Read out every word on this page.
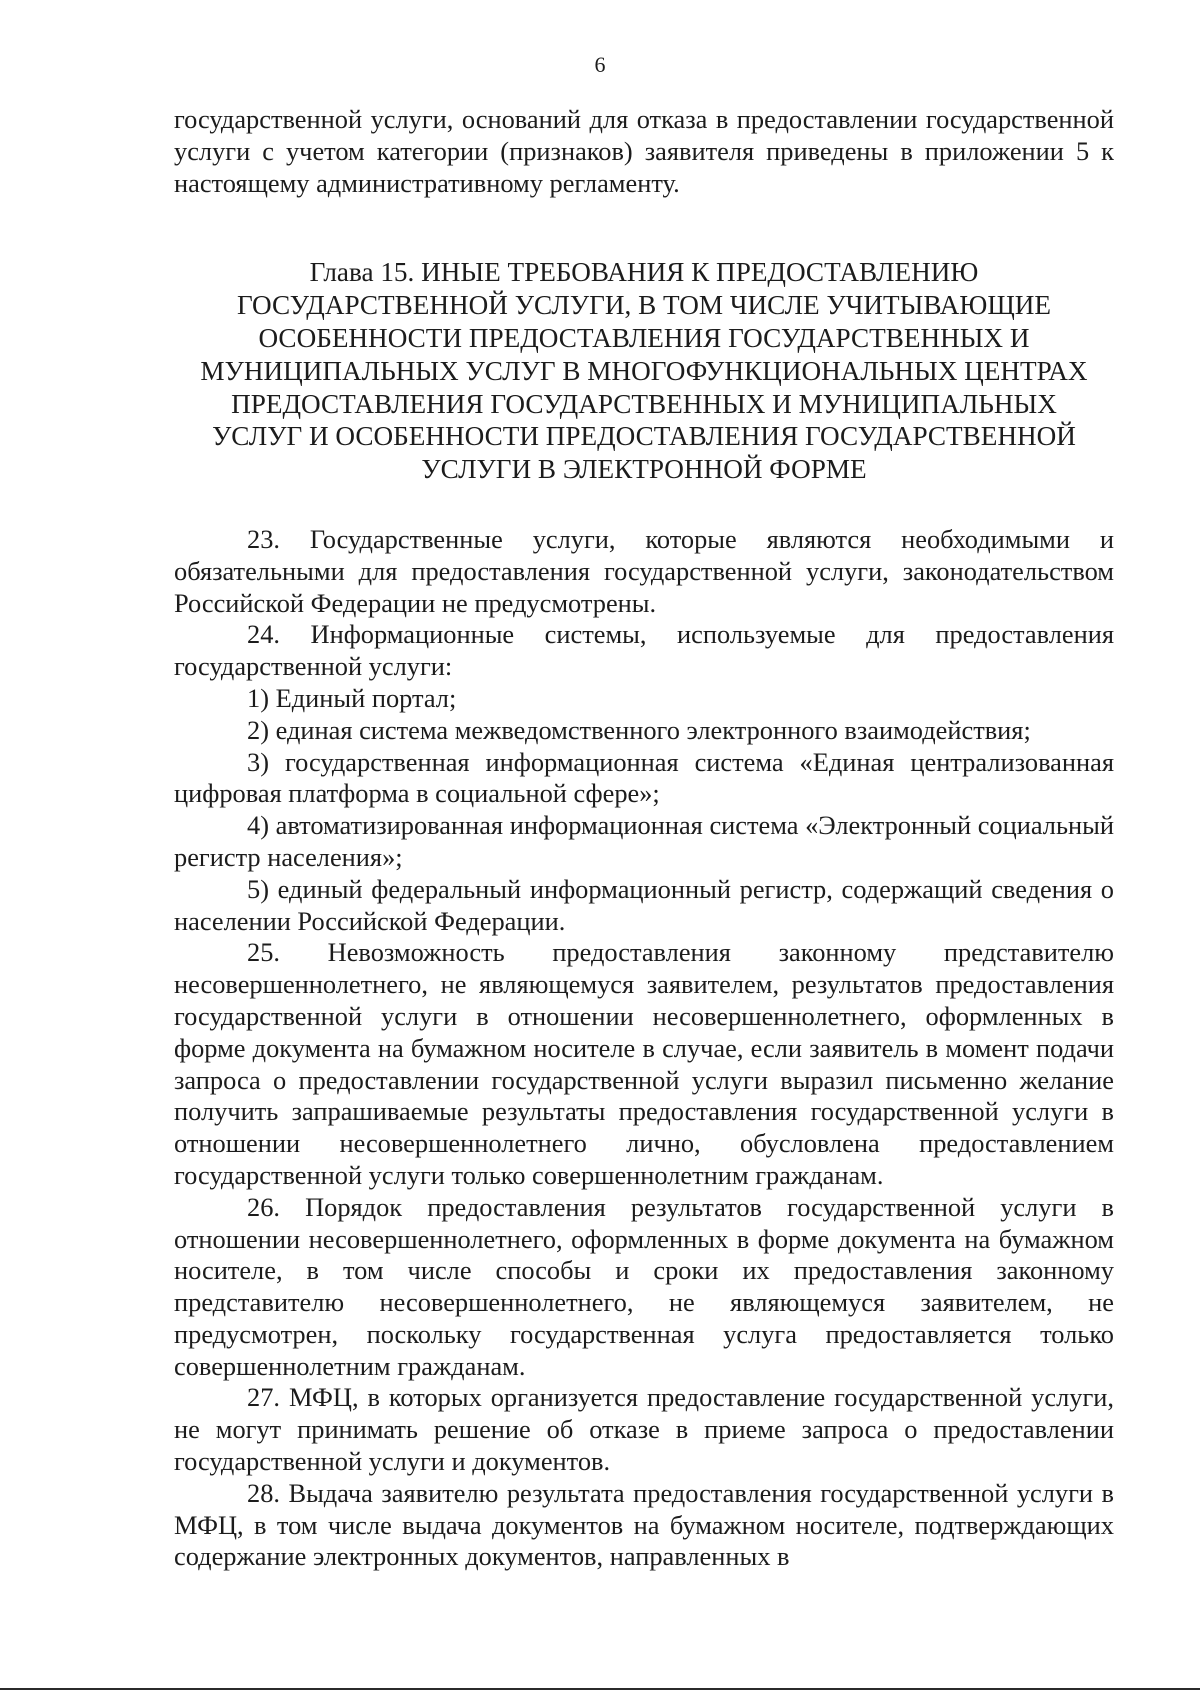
6

государственной услуги, оснований для отказа в предоставлении государственной услуги с учетом категории (признаков) заявителя приведены в приложении 5 к настоящему административному регламенту.

Глава 15. ИНЫЕ ТРЕБОВАНИЯ К ПРЕДОСТАВЛЕНИЮ
ГОСУДАРСТВЕННОЙ УСЛУГИ, В ТОМ ЧИСЛЕ УЧИТЫВАЮЩИЕ
ОСОБЕННОСТИ ПРЕДОСТАВЛЕНИЯ ГОСУДАРСТВЕННЫХ И
МУНИЦИПАЛЬНЫХ УСЛУГ В МНОГОФУНКЦИОНАЛЬНЫХ ЦЕНТРАХ
ПРЕДОСТАВЛЕНИЯ ГОСУДАРСТВЕННЫХ И МУНИЦИПАЛЬНЫХ
УСЛУГ И ОСОБЕННОСТИ ПРЕДОСТАВЛЕНИЯ ГОСУДАРСТВЕННОЙ
УСЛУГИ В ЭЛЕКТРОННОЙ ФОРМЕ

23. Государственные услуги, которые являются необходимыми и обязательными для предоставления государственной услуги, законодательством Российской Федерации не предусмотрены.

24. Информационные системы, используемые для предоставления государственной услуги:

1) Единый портал;

2) единая система межведомственного электронного взаимодействия;

3) государственная информационная система «Единая централизованная цифровая платформа в социальной сфере»;

4) автоматизированная информационная система «Электронный социальный регистр населения»;

5) единый федеральный информационный регистр, содержащий сведения о населении Российской Федерации.

25. Невозможность предоставления законному представителю несовершеннолетнего, не являющемуся заявителем, результатов предоставления государственной услуги в отношении несовершеннолетнего, оформленных в форме документа на бумажном носителе в случае, если заявитель в момент подачи запроса о предоставлении государственной услуги выразил письменно желание получить запрашиваемые результаты предоставления государственной услуги в отношении несовершеннолетнего лично, обусловлена предоставлением государственной услуги только совершеннолетним гражданам.

26. Порядок предоставления результатов государственной услуги в отношении несовершеннолетнего, оформленных в форме документа на бумажном носителе, в том числе способы и сроки их предоставления законному представителю несовершеннолетнего, не являющемуся заявителем, не предусмотрен, поскольку государственная услуга предоставляется только совершеннолетним гражданам.

27. МФЦ, в которых организуется предоставление государственной услуги, не могут принимать решение об отказе в приеме запроса о предоставлении государственной услуги и документов.

28. Выдача заявителю результата предоставления государственной услуги в МФЦ, в том числе выдача документов на бумажном носителе, подтверждающих содержание электронных документов, направленных в
